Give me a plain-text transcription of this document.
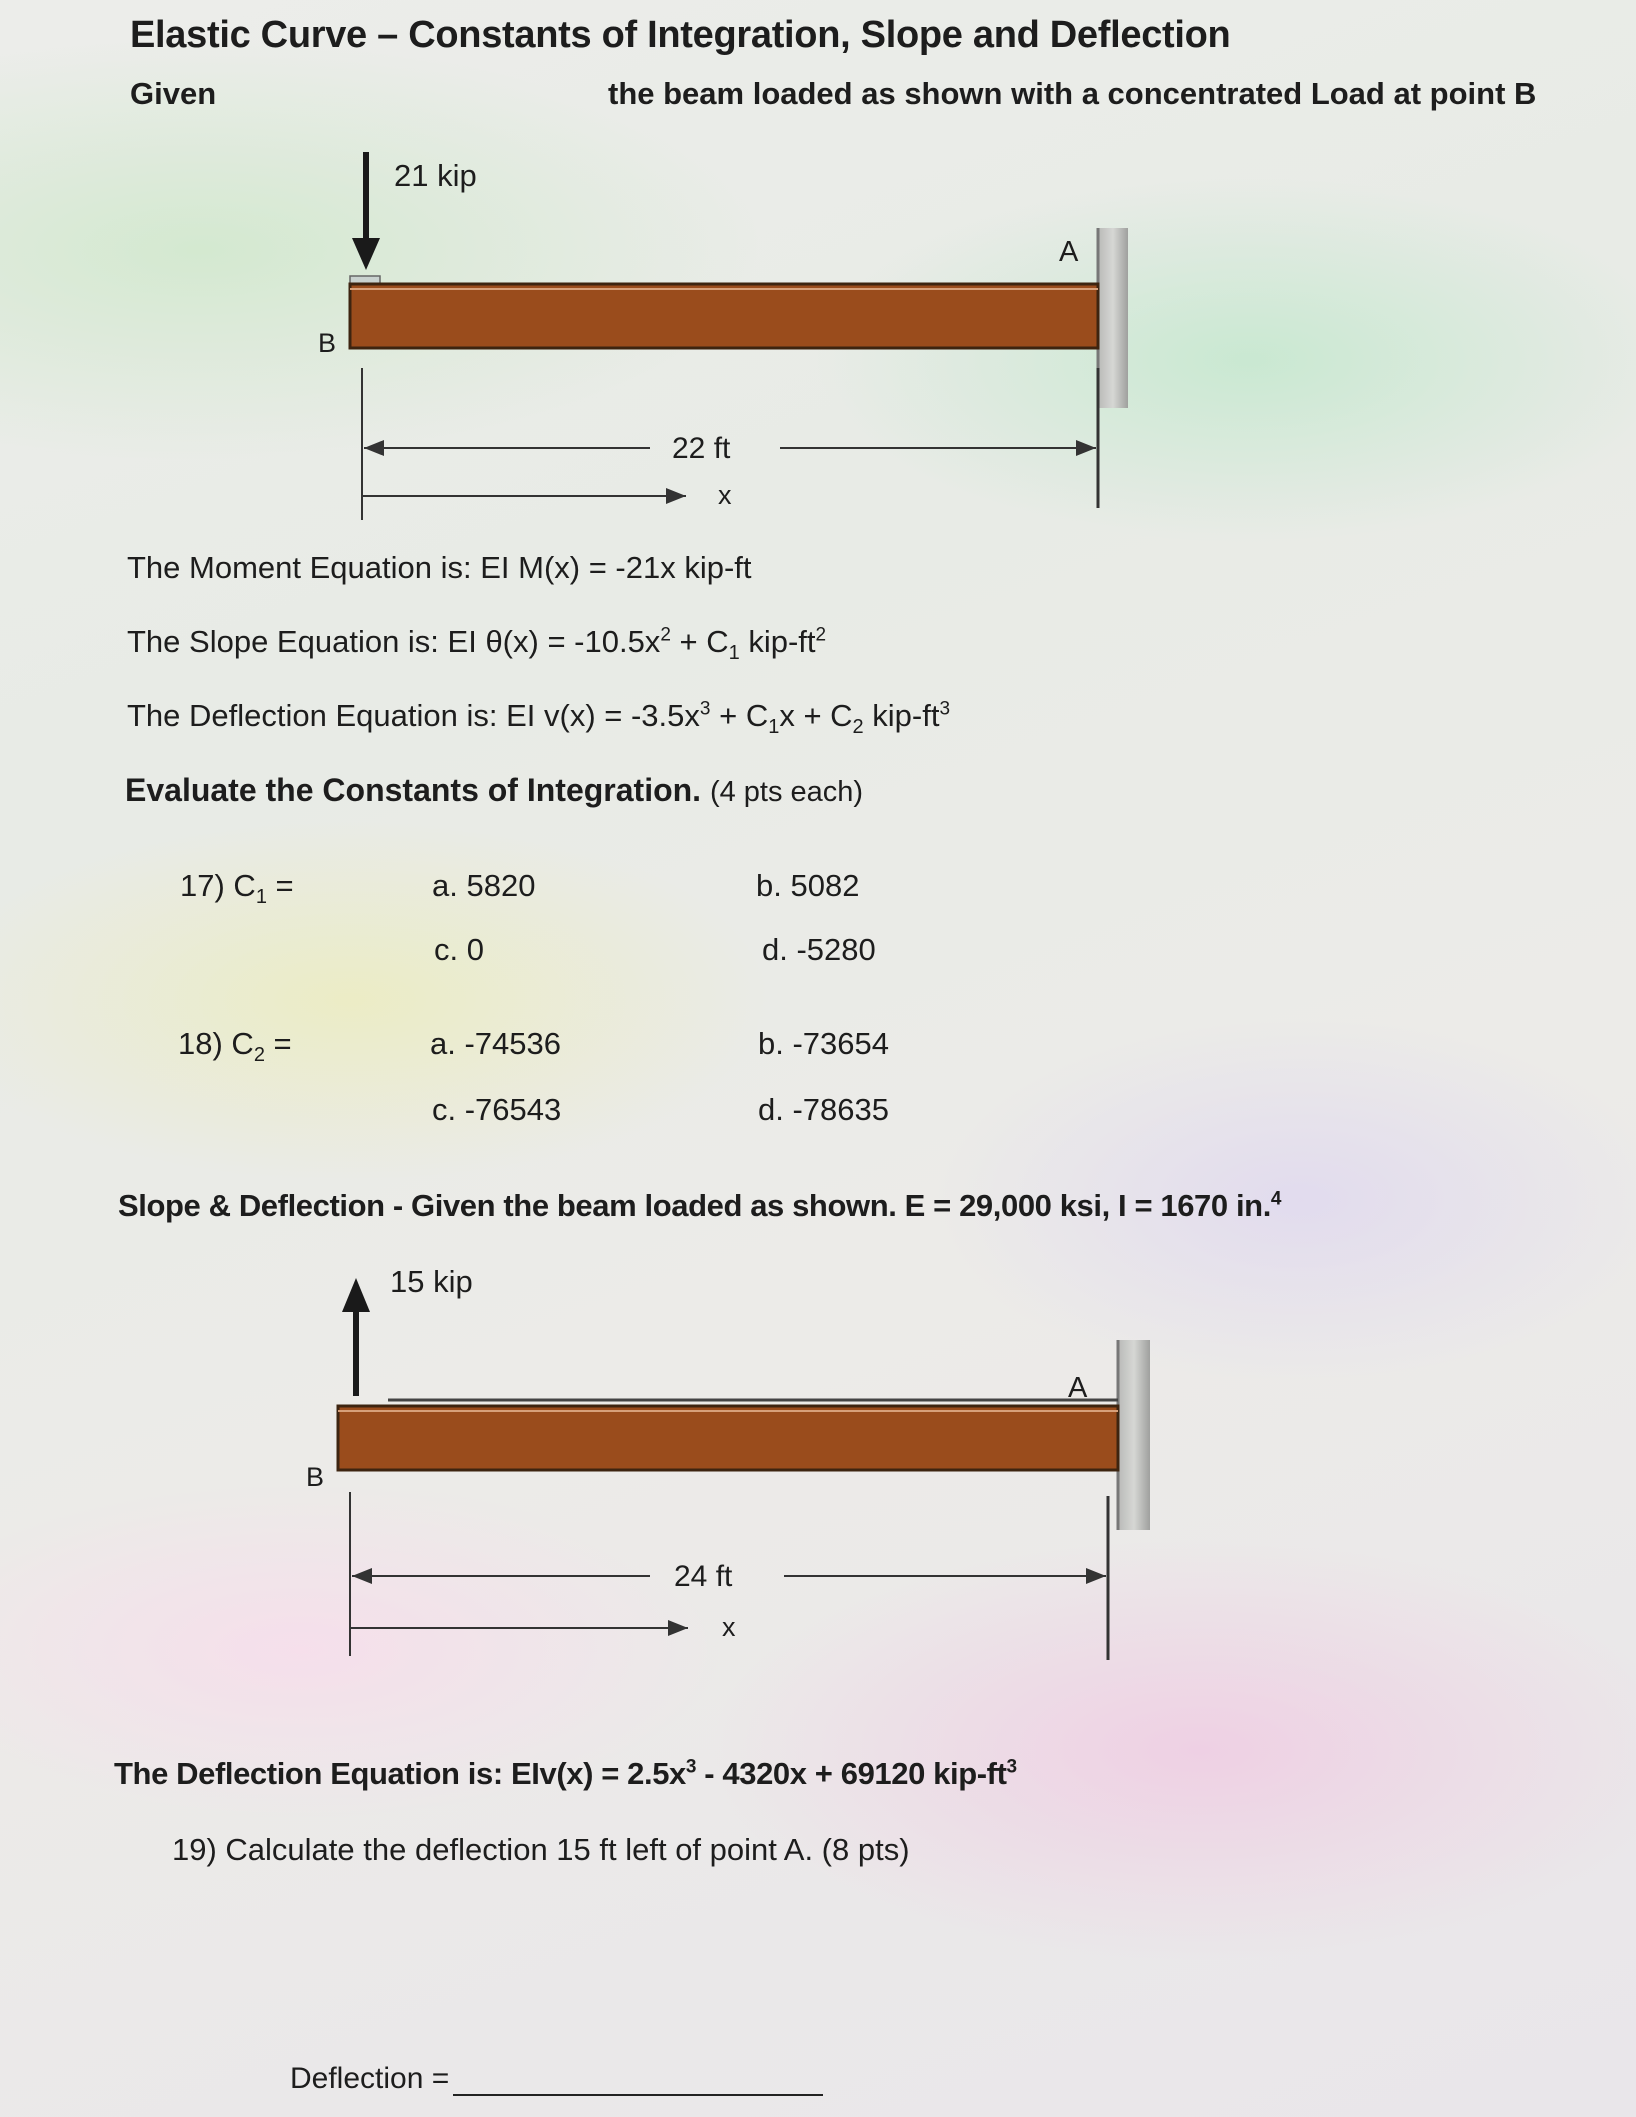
Elastic Curve – Constants of Integration, Slope and Deflection
Given	the beam loaded as shown with a concentrated Load at point B
21 kip
A
B
22 ft
x
The Moment Equation is: EI M(x) = -21x kip-ft
The Slope Equation is: EI $\theta(x) = -10.5x^2 + C_1$ kip-$ft^2$
The Deflection Equation is: EI $v(x) = -3.5x^3 + C_1x + C_2$ kip-$ft^3$
Evaluate the Constants of Integration. (4 pts each)
17) $C_1$ =	a. 5820	b. 5082
c. 0	d. -5280
18) $C_2$ =	a. -74536	b. -73654
c. -76543	d. -78635
Slope & Deflection - Given the beam loaded as shown. E = 29,000 ksi, I = 1670 in.$^4$
15 kip
A
B
24 ft
x
The Deflection Equation is: $EIv(x) = 2.5x^3 - 4320x + 69120$ kip-$ft^3$
19) Calculate the deflection 15 ft left of point A. (8 pts)
Deflection =
